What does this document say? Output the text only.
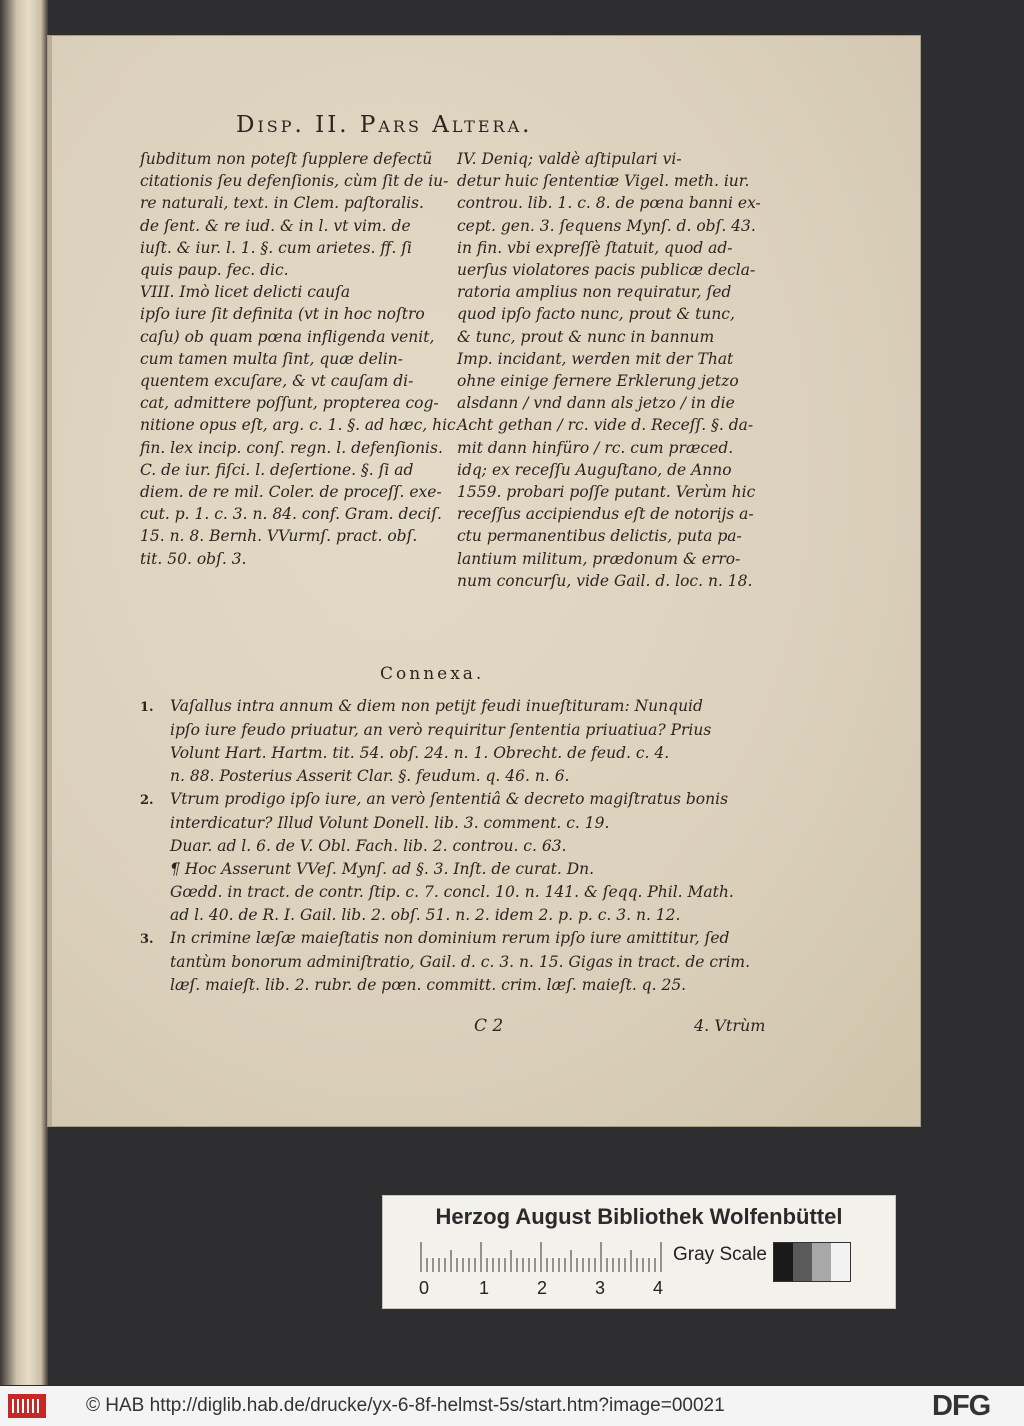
Disp. II. Pars Altera.
ſubditum non poteſt ſupplere defectũ
citationis ſeu defenſionis, cùm ſit de iu-
re naturali, text. in Clem. paſtoralis.
de ſent. & re iud. & in l. vt vim. de
iuſt. & iur. l. 1. §. cum arietes. ff. ſi
quis paup. fec. dic.
VIII. Imò licet delicti cauſa
ipſo iure ſit definita (vt in hoc noſtro
caſu) ob quam pœna infligenda venit,
cum tamen multa ſint, quæ delin-
quentem excuſare, & vt cauſam di-
cat, admittere poſſunt, propterea cog-
nitione opus eſt, arg. c. 1. §. ad hæc, hic
fin. lex incip. conſ. regn. l. defenſionis.
C. de iur. fiſci. l. deſertione. §. ſi ad
diem. de re mil. Coler. de proceſſ. exe-
cut. p. 1. c. 3. n. 84. conf. Gram. deciſ.
15. n. 8. Bernh. VVurmſ. pract. obſ.
tit. 50. obſ. 3.
IV. Deniq; valdè aſtipulari vi-
detur huic ſententiæ Vigel. meth. iur.
controu. lib. 1. c. 8. de pœna banni ex-
cept. gen. 3. ſequens Mynſ. d. obſ. 43.
in fin. vbi expreſſè ſtatuit, quod ad-
uerſus violatores pacis publicæ decla-
ratoria amplius non requiratur, ſed
quod ipſo facto nunc, prout & tunc,
& tunc, prout & nunc in bannum
Imp. incidant, werden mit der That
ohne einige fernere Erklerung jetzo
alsdann / vnd dann als jetzo / in die
Acht gethan / rc. vide d. Receſſ. §. da-
mit dann hinfüro / rc. cum præced.
idq; ex receſſu Auguſtano, de Anno
1559. probari poſſe putant. Verùm hic
receſſus accipiendus eſt de notorijs a-
ctu permanentibus delictis, puta pa-
lantium militum, prædonum & erro-
num concurſu, vide Gail. d. loc. n. 18.
Connexa.
1. Vaſallus intra annum & diem non petijt feudi inueſtituram: Nunquid
ipſo iure feudo priuatur, an verò requiritur ſententia priuatiua? Prius
Volunt Hart. Hartm. tit. 54. obſ. 24. n. 1. Obrecht. de feud. c. 4.
n. 88. Posterius Asserit Clar. §. feudum. q. 46. n. 6.
2. Vtrum prodigo ipſo iure, an verò ſententiâ & decreto magiſtratus bonis
interdicatur? Illud Volunt Donell. lib. 3. comment. c. 19.
Duar. ad l. 6. de V. Obl. Fach. lib. 2. controu. c. 63.
¶ Hoc Asserunt VVeſ. Mynſ. ad §. 3. Inſt. de curat. Dn.
Gœdd. in tract. de contr. ſtip. c. 7. concl. 10. n. 141. & ſeqq. Phil. Math.
ad l. 40. de R. I. Gail. lib. 2. obſ. 51. n. 2. idem 2. p. p. c. 3. n. 12.
3. In crimine læſæ maieſtatis non dominium rerum ipſo iure amittitur, ſed
tantùm bonorum adminiſtratio, Gail. d. c. 3. n. 15. Gigas in tract. de crim.
læſ. maieſt. lib. 2. rubr. de pœn. committ. crim. læſ. maieſt. q. 25.
C 2	4. Vtrùm
Herzog August Bibliothek Wolfenbüttel
0	1	2	3	4
Gray Scale
© HAB http://diglib.hab.de/drucke/yx-6-8f-helmst-5s/start.htm?image=00021	DFG
